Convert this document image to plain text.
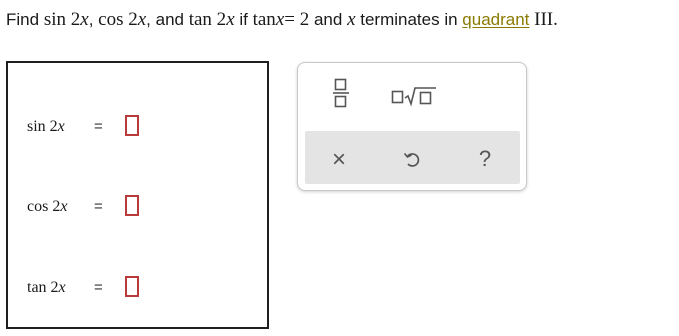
Find sin 2x, cos 2x, and tan 2x if tanx= 2 and x terminates in quadrant III.
sin 2x =
cos 2x =
tan 2x =
×	?
